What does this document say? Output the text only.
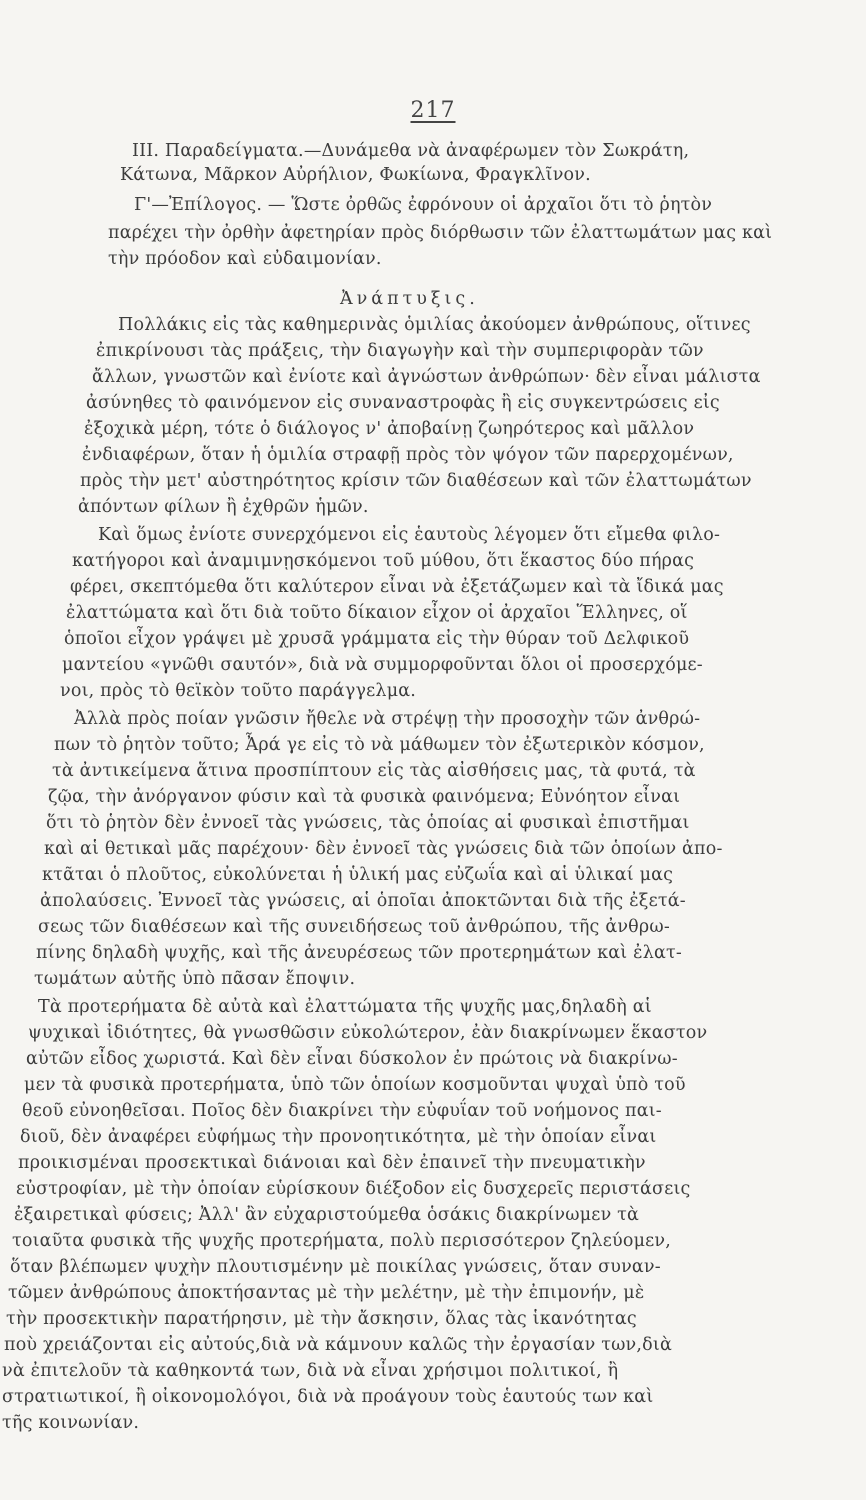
217
III. Παραδείγματα.—Δυνάμεθα νὰ ἀναφέρωμεν τὸν Σωκράτη,
Κάτωνα, Μᾶρκον Αὐρήλιον, Φωκίωνα, Φραγκλῖνον.
Γ'—Ἐπίλογος. — Ὥστε ὀρθῶς ἐφρόνουν οἱ ἀρχαῖοι ὅτι τὸ ῥητὸν
παρέχει τὴν ὀρθὴν ἀφετηρίαν πρὸς διόρθωσιν τῶν ἐλαττωμάτων μας καὶ
τὴν πρόοδον καὶ εὐδαιμονίαν.
Ἀνάπτυξις.
Πολλάκις εἰς τὰς καθημερινὰς ὁμιλίας ἀκούομεν ἀνθρώπους, οἵτινες
ἐπικρίνουσι τὰς πράξεις, τὴν διαγωγὴν καὶ τὴν συμπεριφορὰν τῶν
ἄλλων, γνωστῶν καὶ ἐνίοτε καὶ ἀγνώστων ἀνθρώπων· δὲν εἶναι μάλιστα
ἀσύνηθες τὸ φαινόμενον εἰς συναναστροφὰς ἢ εἰς συγκεντρώσεις εἰς
ἐξοχικὰ μέρη, τότε ὁ διάλογος ν' ἀποβαίνῃ ζωηρότερος καὶ μᾶλλον
ἐνδιαφέρων, ὅταν ἡ ὁμιλία στραφῇ πρὸς τὸν ψόγον τῶν παρερχομένων,
πρὸς τὴν μετ' αὐστηρότητος κρίσιν τῶν διαθέσεων καὶ τῶν ἐλαττωμάτων
ἀπόντων φίλων ἢ ἐχθρῶν ἡμῶν.
Καὶ ὅμως ἐνίοτε συνερχόμενοι εἰς ἑαυτοὺς λέγομεν ὅτι εἴμεθα φιλο-
κατήγοροι καὶ ἀναμιμνῃσκόμενοι τοῦ μύθου, ὅτι ἕκαστος δύο πήρας
φέρει, σκεπτόμεθα ὅτι καλύτερον εἶναι νὰ ἐξετάζωμεν καὶ τὰ ἴδικά μας
ἐλαττώματα καὶ ὅτι διὰ τοῦτο δίκαιον εἶχον οἱ ἀρχαῖοι Ἕλληνες, οἵ
ὁποῖοι εἶχον γράψει μὲ χρυσᾶ γράμματα εἰς τὴν θύραν τοῦ Δελφικοῦ
μαντείου «γνῶθι σαυτόν», διὰ νὰ συμμορφοῦνται ὅλοι οἱ προσερχόμε-
νοι, πρὸς τὸ θεϊκὸν τοῦτο παράγγελμα.
Ἀλλὰ πρὸς ποίαν γνῶσιν ἤθελε νὰ στρέψῃ τὴν προσοχὴν τῶν ἀνθρώ-
πων τὸ ῥητὸν τοῦτο; Ἆρά γε εἰς τὸ νὰ μάθωμεν τὸν ἐξωτερικὸν κόσμον,
τὰ ἀντικείμενα ἅτινα προσπίπτουν εἰς τὰς αἰσθήσεις μας, τὰ φυτά, τὰ
ζῷα, τὴν ἀνόργανον φύσιν καὶ τὰ φυσικὰ φαινόμενα; Εὐνόητον εἶναι
ὅτι τὸ ῥητὸν δὲν ἐννοεῖ τὰς γνώσεις, τὰς ὁποίας αἱ φυσικαὶ ἐπιστῆμαι
καὶ αἱ θετικαὶ μᾶς παρέχουν· δὲν ἐννοεῖ τὰς γνώσεις διὰ τῶν ὁποίων ἀπο-
κτᾶται ὁ πλοῦτος, εὐκολύνεται ἡ ὑλική μας εὐζωΐα καὶ αἱ ὑλικαί μας
ἀπολαύσεις. Ἐννοεῖ τὰς γνώσεις, αἱ ὁποῖαι ἀποκτῶνται διὰ τῆς ἐξετά-
σεως τῶν διαθέσεων καὶ τῆς συνειδήσεως τοῦ ἀνθρώπου, τῆς ἀνθρω-
πίνης δηλαδὴ ψυχῆς, καὶ τῆς ἀνευρέσεως τῶν προτερημάτων καὶ ἐλατ-
τωμάτων αὐτῆς ὑπὸ πᾶσαν ἔποψιν.
Τὰ προτερήματα δὲ αὐτὰ καὶ ἐλαττώματα τῆς ψυχῆς μας,δηλαδὴ αἱ
ψυχικαὶ ἰδιότητες, θὰ γνωσθῶσιν εὐκολώτερον, ἐὰν διακρίνωμεν ἕκαστον
αὐτῶν εἶδος χωριστά. Καὶ δὲν εἶναι δύσκολον ἐν πρώτοις νὰ διακρίνω-
μεν τὰ φυσικὰ προτερήματα, ὑπὸ τῶν ὁποίων κοσμοῦνται ψυχαὶ ὑπὸ τοῦ
θεοῦ εὐνοηθεῖσαι. Ποῖος δὲν διακρίνει τὴν εὐφυΐαν τοῦ νοήμονος παι-
διοῦ, δὲν ἀναφέρει εὐφήμως τὴν προνοητικότητα, μὲ τὴν ὁποίαν εἶναι
προικισμέναι προσεκτικαὶ διάνοιαι καὶ δὲν ἐπαινεῖ τὴν πνευματικὴν
εὐστροφίαν, μὲ τὴν ὁποίαν εὑρίσκουν διέξοδον εἰς δυσχερεῖς περιστάσεις
ἐξαιρετικαὶ φύσεις; Ἀλλ' ἂν εὐχαριστούμεθα ὁσάκις διακρίνωμεν τὰ
τοιαῦτα φυσικὰ τῆς ψυχῆς προτερήματα, πολὺ περισσότερον ζηλεύομεν,
ὅταν βλέπωμεν ψυχὴν πλουτισμένην μὲ ποικίλας γνώσεις, ὅταν συναν-
τῶμεν ἀνθρώπους ἀποκτήσαντας μὲ τὴν μελέτην, μὲ τὴν ἐπιμονήν, μὲ
τὴν προσεκτικὴν παρατήρησιν, μὲ τὴν ἄσκησιν, ὅλας τὰς ἱκανότητας
ποὺ χρειάζονται εἰς αὐτούς,διὰ νὰ κάμνουν καλῶς τὴν ἐργασίαν των,διὰ
νὰ ἐπιτελοῦν τὰ καθηκοντά των, διὰ νὰ εἶναι χρήσιμοι πολιτικοί, ἢ
στρατιωτικοί, ἢ οἰκονομολόγοι, διὰ νὰ προάγουν τοὺς ἑαυτούς των καὶ
τῆς κοινωνίαν.
